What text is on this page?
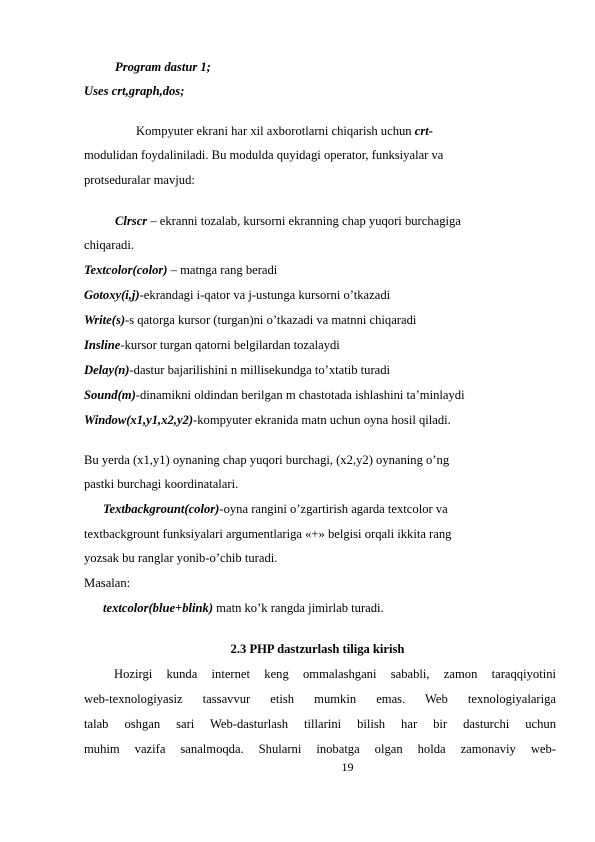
Program dastur 1;
Uses crt,graph,dos;
Kompyuter ekrani har xil axborotlarni chiqarish uchun crt-
modulidan foydaliniladi. Bu modulda quyidagi operator, funksiyalar va
protseduralar mavjud:
Clrscr – ekranni tozalab, kursorni ekranning chap yuqori burchagiga
chiqaradi.
Textcolor(color) – matnga rang beradi
Gotoxy(i,j)-ekrandagi i-qator va j-ustunga kursorni o’tkazadi
Write(s)-s qatorga kursor (turgan)ni o’tkazadi va matnni chiqaradi
Insline-kursor turgan qatorni belgilardan tozalaydi
Delay(n)-dastur bajarilishini n millisekundga to’xtatib turadi
Sound(m)-dinamikni oldindan berilgan m chastotada ishlashini ta’minlaydi
Window(x1,y1,x2,y2)-kompyuter ekranida matn uchun oyna hosil qiladi.
Bu yerda (x1,y1) oynaning chap yuqori burchagi, (x2,y2) oynaning o’ng
pastki burchagi koordinatalari.
Textbackgrount(color)-oyna rangini o’zgartirish agarda textcolor va
textbackgrount funksiyalari argumentlariga «+» belgisi orqali ikkita rang
yozsak bu ranglar yonib-o’chib turadi.
Masalan:
textcolor(blue+blink) matn ko’k rangda jimirlab turadi.
2.3 PHP dastzurlash tiliga kirish
Hozirgi kunda internet keng ommalashgani sababli, zamon taraqqiyotini
web-texnologiyasiz tassavvur etish mumkin emas. Web texnologiyalariga
talab oshgan sari Web-dasturlash tillarini bilish har bir dasturchi uchun
muhim vazifa sanalmoqda. Shularni inobatga olgan holda zamonaviy web-
19
